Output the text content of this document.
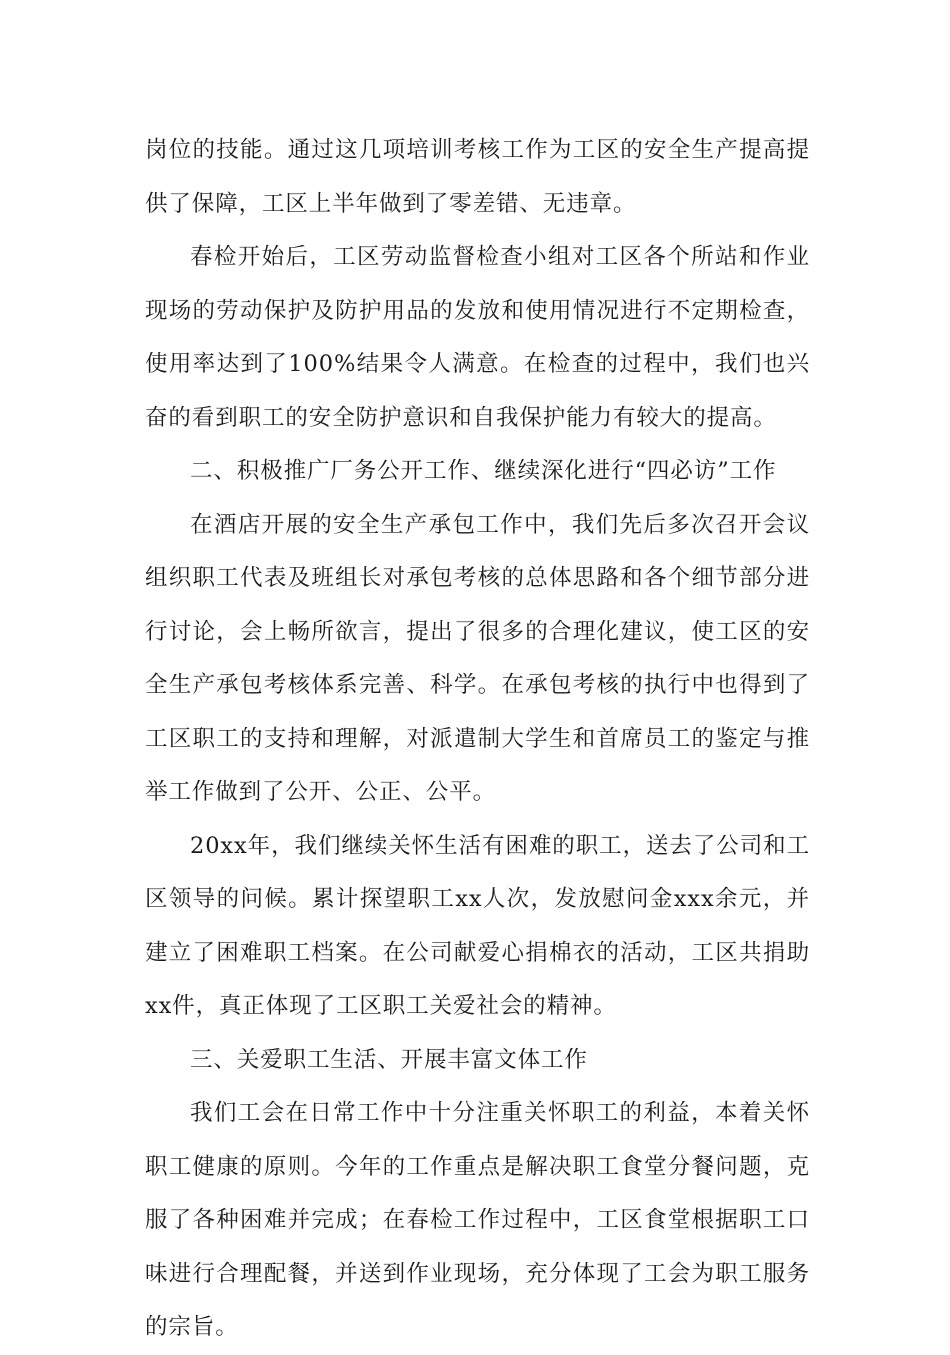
岗位的技能。通过这几项培训考核工作为工区的安全生产提高提供了保障，工区上半年做到了零差错、无违章。

春检开始后，工区劳动监督检查小组对工区各个所站和作业现场的劳动保护及防护用品的发放和使用情况进行不定期检查，使用率达到了100%结果令人满意。在检查的过程中，我们也兴奋的看到职工的安全防护意识和自我保护能力有较大的提高。

二、积极推广厂务公开工作、继续深化进行“四必访”工作

在酒店开展的安全生产承包工作中，我们先后多次召开会议组织职工代表及班组长对承包考核的总体思路和各个细节部分进行讨论，会上畅所欲言，提出了很多的合理化建议，使工区的安全生产承包考核体系完善、科学。在承包考核的执行中也得到了工区职工的支持和理解，对派遣制大学生和首席员工的鉴定与推举工作做到了公开、公正、公平。

20xx年，我们继续关怀生活有困难的职工，送去了公司和工区领导的问候。累计探望职工xx人次，发放慰问金xxx余元，并建立了困难职工档案。在公司献爱心捐棉衣的活动，工区共捐助xx件，真正体现了工区职工关爱社会的精神。

三、关爱职工生活、开展丰富文体工作

我们工会在日常工作中十分注重关怀职工的利益，本着关怀职工健康的原则。今年的工作重点是解决职工食堂分餐问题，克服了各种困难并完成；在春检工作过程中，工区食堂根据职工口味进行合理配餐，并送到作业现场，充分体现了工会为职工服务的宗旨。
